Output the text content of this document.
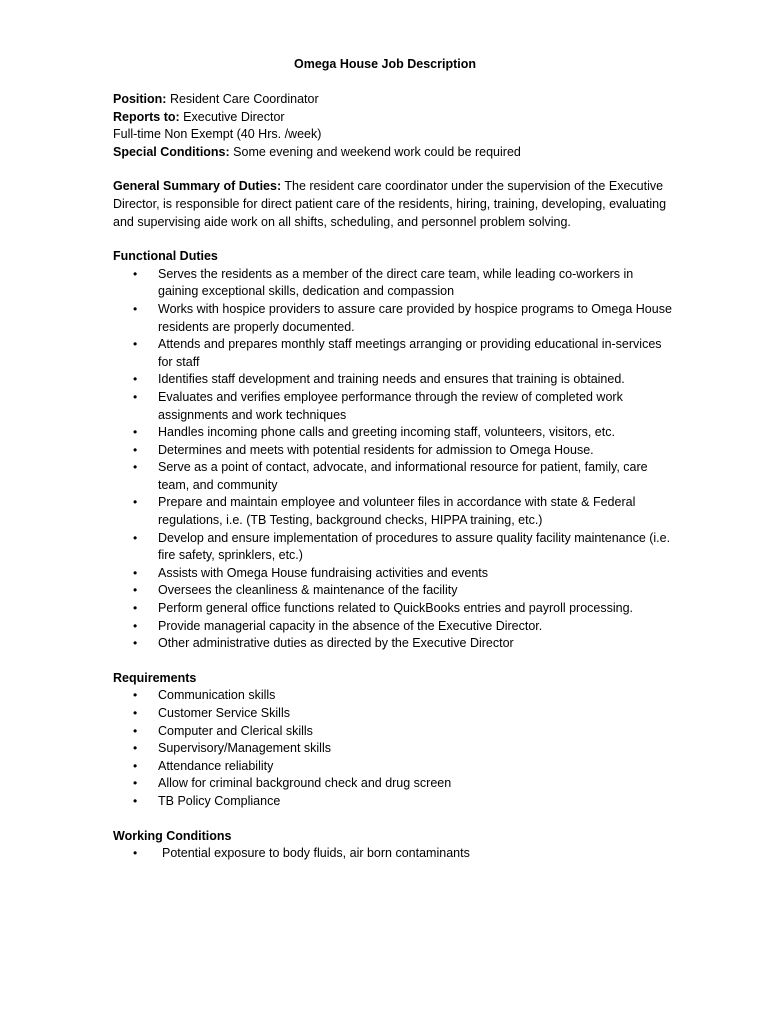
Omega House Job Description
Position: Resident Care Coordinator
Reports to: Executive Director
Full-time Non Exempt (40 Hrs. /week)
Special Conditions: Some evening and weekend work could be required
General Summary of Duties: The resident care coordinator under the supervision of the Executive Director, is responsible for direct patient care of the residents, hiring, training, developing, evaluating and supervising aide work on all shifts, scheduling, and personnel problem solving.
Functional Duties
• Serves the residents as a member of the direct care team, while leading co-workers in gaining exceptional skills, dedication and compassion
• Works with hospice providers to assure care provided by hospice programs to Omega House residents are properly documented.
• Attends and prepares monthly staff meetings arranging or providing educational in-services for staff
• Identifies staff development and training needs and ensures that training is obtained.
• Evaluates and verifies employee performance through the review of completed work assignments and work techniques
• Handles incoming phone calls and greeting incoming staff, volunteers, visitors, etc.
• Determines and meets with potential residents for admission to Omega House.
• Serve as a point of contact, advocate, and informational resource for patient, family, care team, and community
• Prepare and maintain employee and volunteer files in accordance with state & Federal regulations, i.e. (TB Testing, background checks, HIPPA training, etc.)
• Develop and ensure implementation of procedures to assure quality facility maintenance (i.e. fire safety, sprinklers, etc.)
• Assists with Omega House fundraising activities and events
• Oversees the cleanliness & maintenance of the facility
• Perform general office functions related to QuickBooks entries and payroll processing.
• Provide managerial capacity in the absence of the Executive Director.
• Other administrative duties as directed by the Executive Director
Requirements
• Communication skills
• Customer Service Skills
• Computer and Clerical skills
• Supervisory/Management skills
• Attendance reliability
• Allow for criminal background check and drug screen
• TB Policy Compliance
Working Conditions
• Potential exposure to body fluids, air born contaminants
